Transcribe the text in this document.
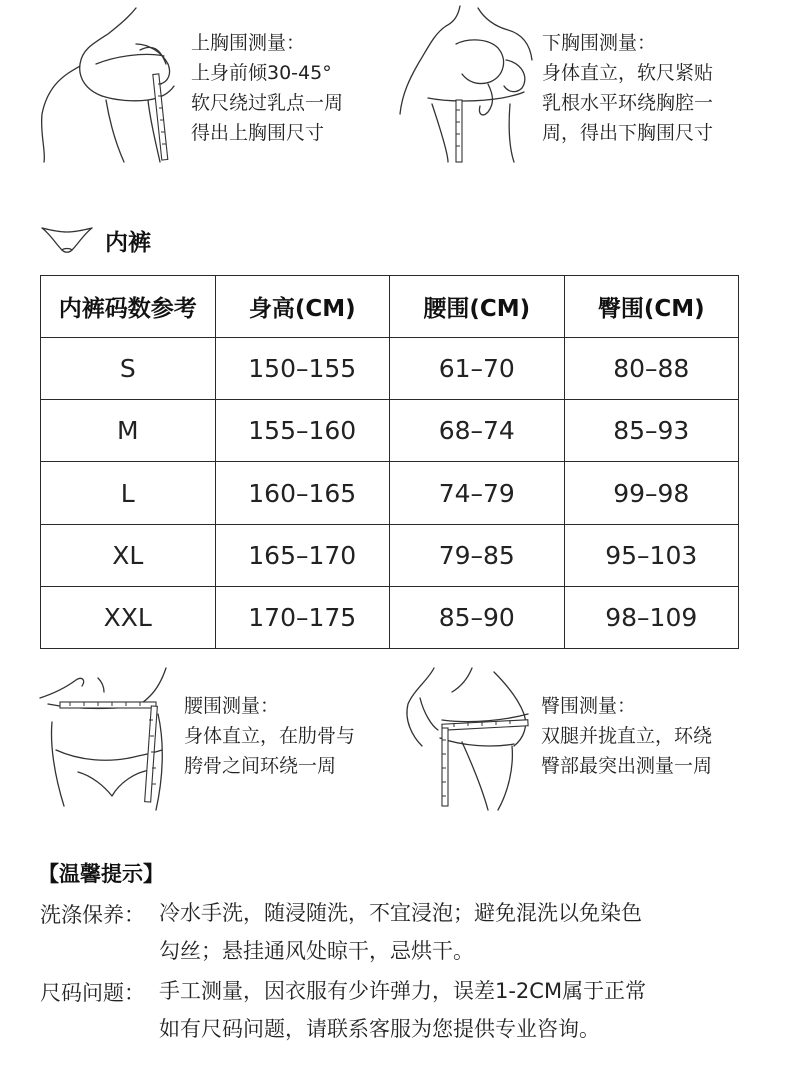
上胸围测量：
上身前倾30-45°
软尺绕过乳点一周
得出上胸围尺寸
下胸围测量：
身体直立，软尺紧贴
乳根水平环绕胸腔一
周，得出下胸围尺寸
内裤
内裤码数参考	身高(CM)	腰围(CM)	臀围(CM)
S	150–155	61–70	80–88
M	155–160	68–74	85–93
L	160–165	74–79	99–98
XL	165–170	79–85	95–103
XXL	170–175	85–90	98–109
腰围测量：
身体直立，在肋骨与
胯骨之间环绕一周
臀围测量：
双腿并拢直立，环绕
臀部最突出测量一周
【温馨提示】
洗涤保养： 冷水手洗，随浸随洗，不宜浸泡；避免混洗以免染色
勾丝；悬挂通风处晾干，忌烘干。
尺码问题： 手工测量，因衣服有少许弹力，误差1-2CM属于正常
如有尺码问题，请联系客服为您提供专业咨询。
